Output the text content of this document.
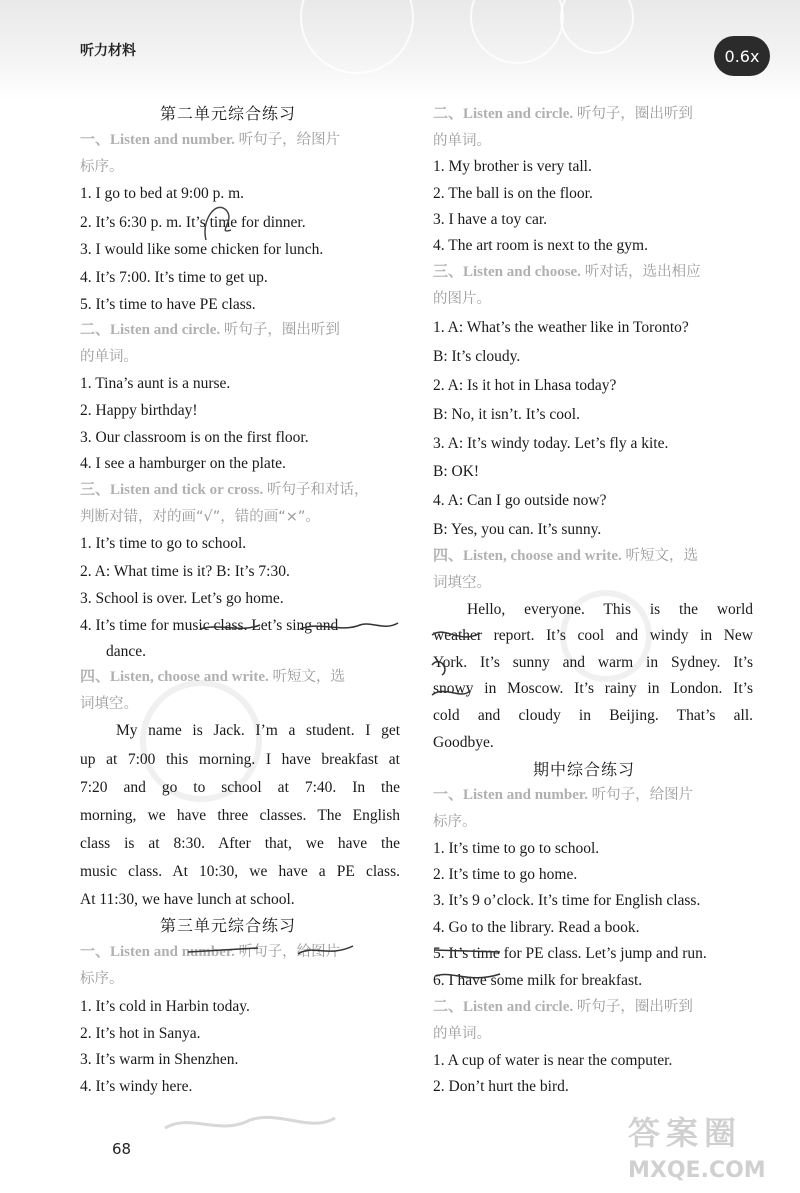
听力材料	0.6x
第二单元综合练习
一、Listen and number. 听句子，给图片
标序。
1. I go to bed at 9:00 p. m.
2. It’s 6:30 p. m. It’s time for dinner.
3. I would like some chicken for lunch.
4. It’s 7:00. It’s time to get up.
5. It’s time to have PE class.
二、Listen and circle. 听句子，圈出听到
的单词。
1. Tina’s aunt is a nurse.
2. Happy birthday!
3. Our classroom is on the first floor.
4. I see a hamburger on the plate.
三、Listen and tick or cross. 听句子和对话，
判断对错，对的画“√”，错的画“×”。
1. It’s time to go to school.
2. A: What time is it? B: It’s 7:30.
3. School is over. Let’s go home.
4. It’s time for music class. Let’s sing and
dance.
四、Listen, choose and write. 听短文，选
词填空。
My name is Jack. I’m a student. I get
up at 7:00 this morning. I have breakfast at
7:20 and go to school at 7:40. In the
morning, we have three classes. The English
class is at 8:30. After that, we have the
music class. At 10:30, we have a PE class.
At 11:30, we have lunch at school.
第三单元综合练习
一、Listen and number. 听句子，给图片
标序。
1. It’s cold in Harbin today.
2. It’s hot in Sanya.
3. It’s warm in Shenzhen.
4. It’s windy here.
二、Listen and circle. 听句子，圈出听到
的单词。
1. My brother is very tall.
2. The ball is on the floor.
3. I have a toy car.
4. The art room is next to the gym.
三、Listen and choose. 听对话，选出相应
的图片。
1. A: What’s the weather like in Toronto?
B: It’s cloudy.
2. A: Is it hot in Lhasa today?
B: No, it isn’t. It’s cool.
3. A: It’s windy today. Let’s fly a kite.
B: OK!
4. A: Can I go outside now?
B: Yes, you can. It’s sunny.
四、Listen, choose and write. 听短文，选
词填空。
Hello, everyone. This is the world
weather report. It’s cool and windy in New
York. It’s sunny and warm in Sydney. It’s
snowy in Moscow. It’s rainy in London. It’s
cold and cloudy in Beijing. That’s all.
Goodbye.
期中综合练习
一、Listen and number. 听句子，给图片
标序。
1. It’s time to go to school.
2. It’s time to go home.
3. It’s 9 o’clock. It’s time for English class.
4. Go to the library. Read a book.
5. It’s time for PE class. Let’s jump and run.
6. I have some milk for breakfast.
二、Listen and circle. 听句子，圈出听到
的单词。
1. A cup of water is near the computer.
2. Don’t hurt the bird.
68	答案圈
MXQE.COM
